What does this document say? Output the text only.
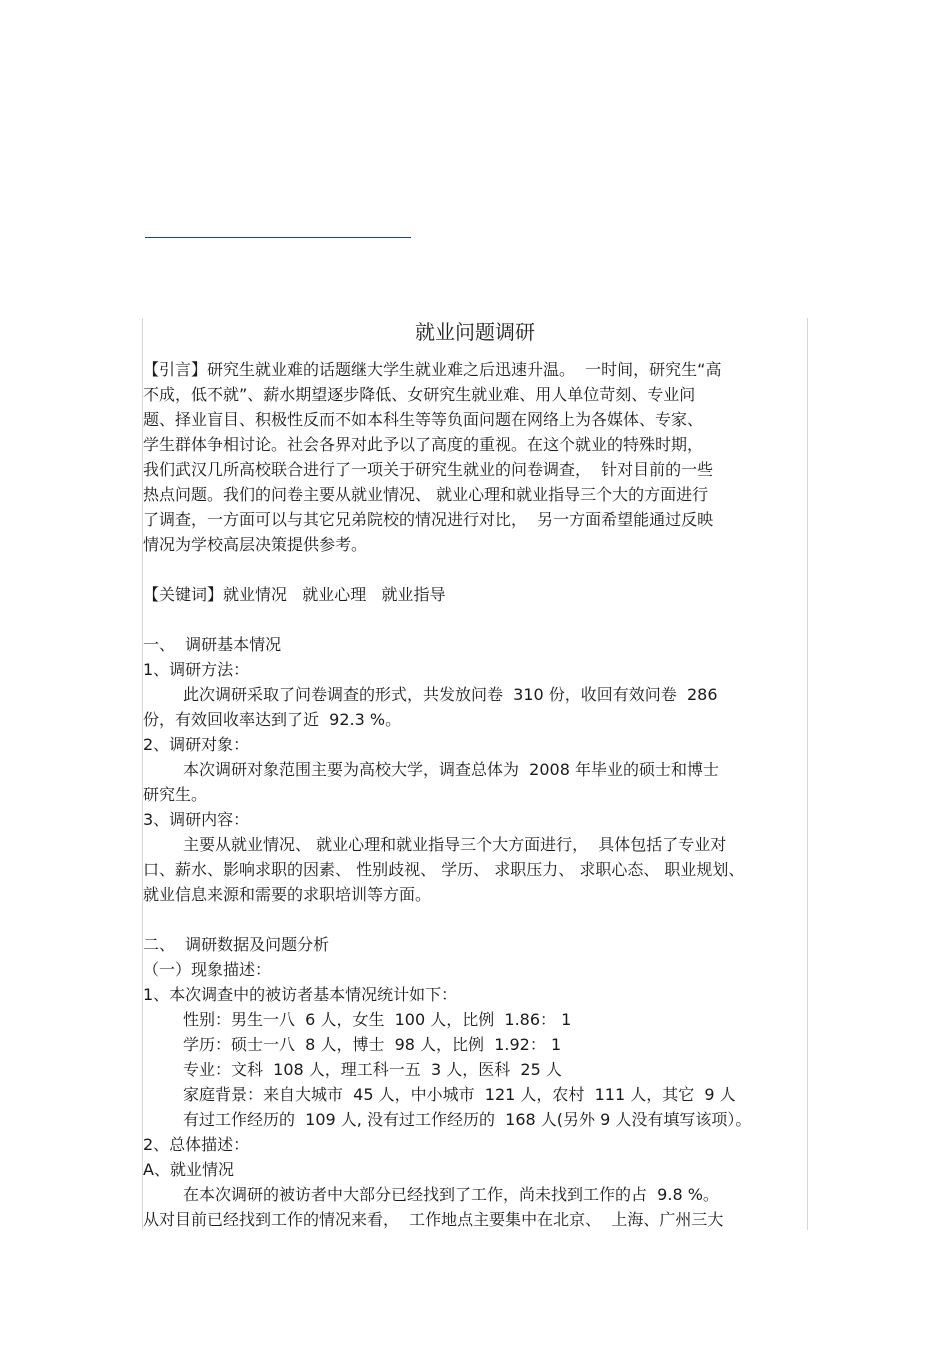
就业问题调研
【引言】研究生就业难的话题继大学生就业难之后迅速升温。  一时间，研究生“高
不成，低不就”、薪水期望逐步降低、女研究生就业难、用人单位苛刻、专业问
题、择业盲目、积极性反而不如本科生等等负面问题在网络上为各媒体、专家、
学生群体争相讨论。社会各界对此予以了高度的重视。在这个就业的特殊时期，
我们武汉几所高校联合进行了一项关于研究生就业的问卷调查，  针对目前的一些
热点问题。我们的问卷主要从就业情况、 就业心理和就业指导三个大的方面进行
了调查，一方面可以与其它兄弟院校的情况进行对比，  另一方面希望能通过反映
情况为学校高层决策提供参考。
【关键词】就业情况   就业心理   就业指导
一、  调研基本情况
1、调研方法：
此次调研采取了问卷调查的形式，共发放问卷  310 份，收回有效问卷  286
份，有效回收率达到了近  92.3 %。
2、调研对象：
本次调研对象范围主要为高校大学，调查总体为  2008 年毕业的硕士和博士
研究生。
3、调研内容：
主要从就业情况、 就业心理和就业指导三个大方面进行，  具体包括了专业对
口、薪水、影响求职的因素、 性别歧视、 学历、 求职压力、 求职心态、 职业规划、
就业信息来源和需要的求职培训等方面。
二、  调研数据及问题分析
（一）现象描述：
1、本次调查中的被访者基本情况统计如下：
性别：男生一八  6 人，女生  100 人，比例  1.86： 1
学历：硕士一八  8 人，博士  98 人，比例  1.92： 1
专业：文科  108 人，理工科一五  3 人，医科  25 人
家庭背景：来自大城市  45 人，中小城市  121 人，农村  111 人，其它  9 人
有过工作经历的  109 人, 没有过工作经历的  168 人(另外 9 人没有填写该项）。
2、总体描述：
A、就业情况
在本次调研的被访者中大部分已经找到了工作，尚未找到工作的占  9.8 %。
从对目前已经找到工作的情况来看，  工作地点主要集中在北京、  上海、广州三大
